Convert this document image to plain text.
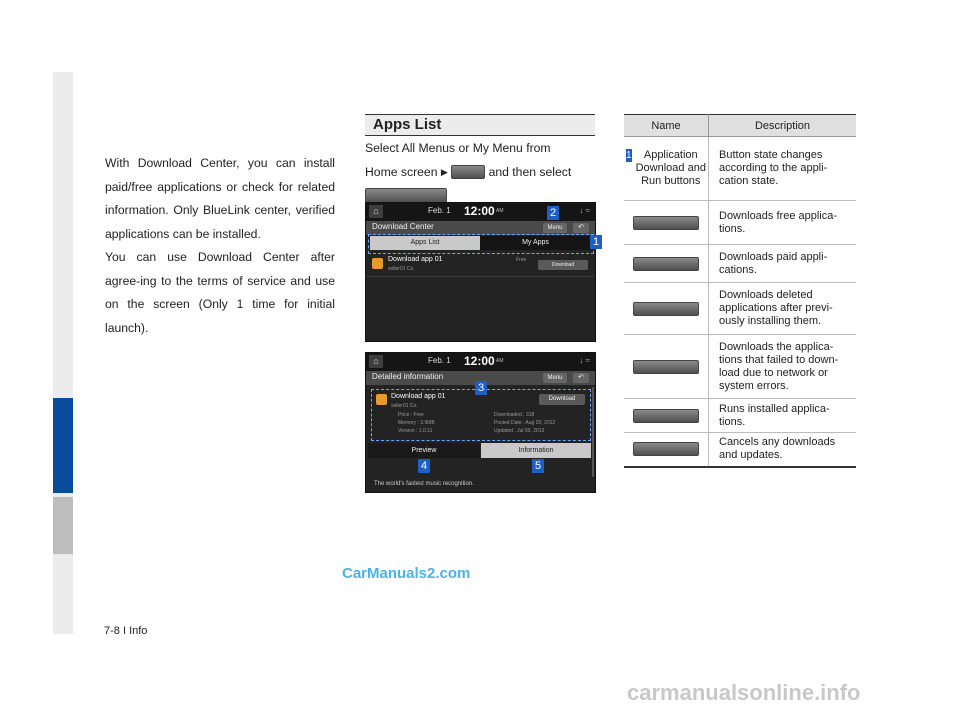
With Download Center, you can install paid/free applications or check for related information. Only BlueLink center, verified applications can be installed.

You can use Download Center after agree-ing to the terms of service and use on the screen (Only 1 time for initial launch).

Apps List
Select All Menus or My Menu from
Home screen ▶	and then select
⌂	Feb. 1 12:00 AM	↓ ≈
Download Center	Menu	↶
Apps List	My Apps
2
Download app 01
seller01 Co.
Free
Download
1
⌂	Feb. 1 12:00 AM	↓ ≈
Detailed information	Menu	↶
3
Download app 01
seller01 Co.
Download
Price : Free
Memory : 3.9MB
Version : 1.0.11
Downloaded : 318
Posted Date : Aug 20, 2012
Updated : Jul 09, 2013
Preview	Information
4	5
The world's fastest music recognition.
Name	Description

1 Application Download and Run buttons	Button state changes according to the appli-cation state.
	Downloads free applica-tions.
	Downloads paid appli-cations.
	Downloads deleted applications after previ-ously installing them.
	Downloads the applica-tions that failed to down-load due to network or system errors.
	Runs installed applica-tions.
	Cancels any downloads and updates.
7-8 I Info
CarManuals2.com
carmanualsonline.info
